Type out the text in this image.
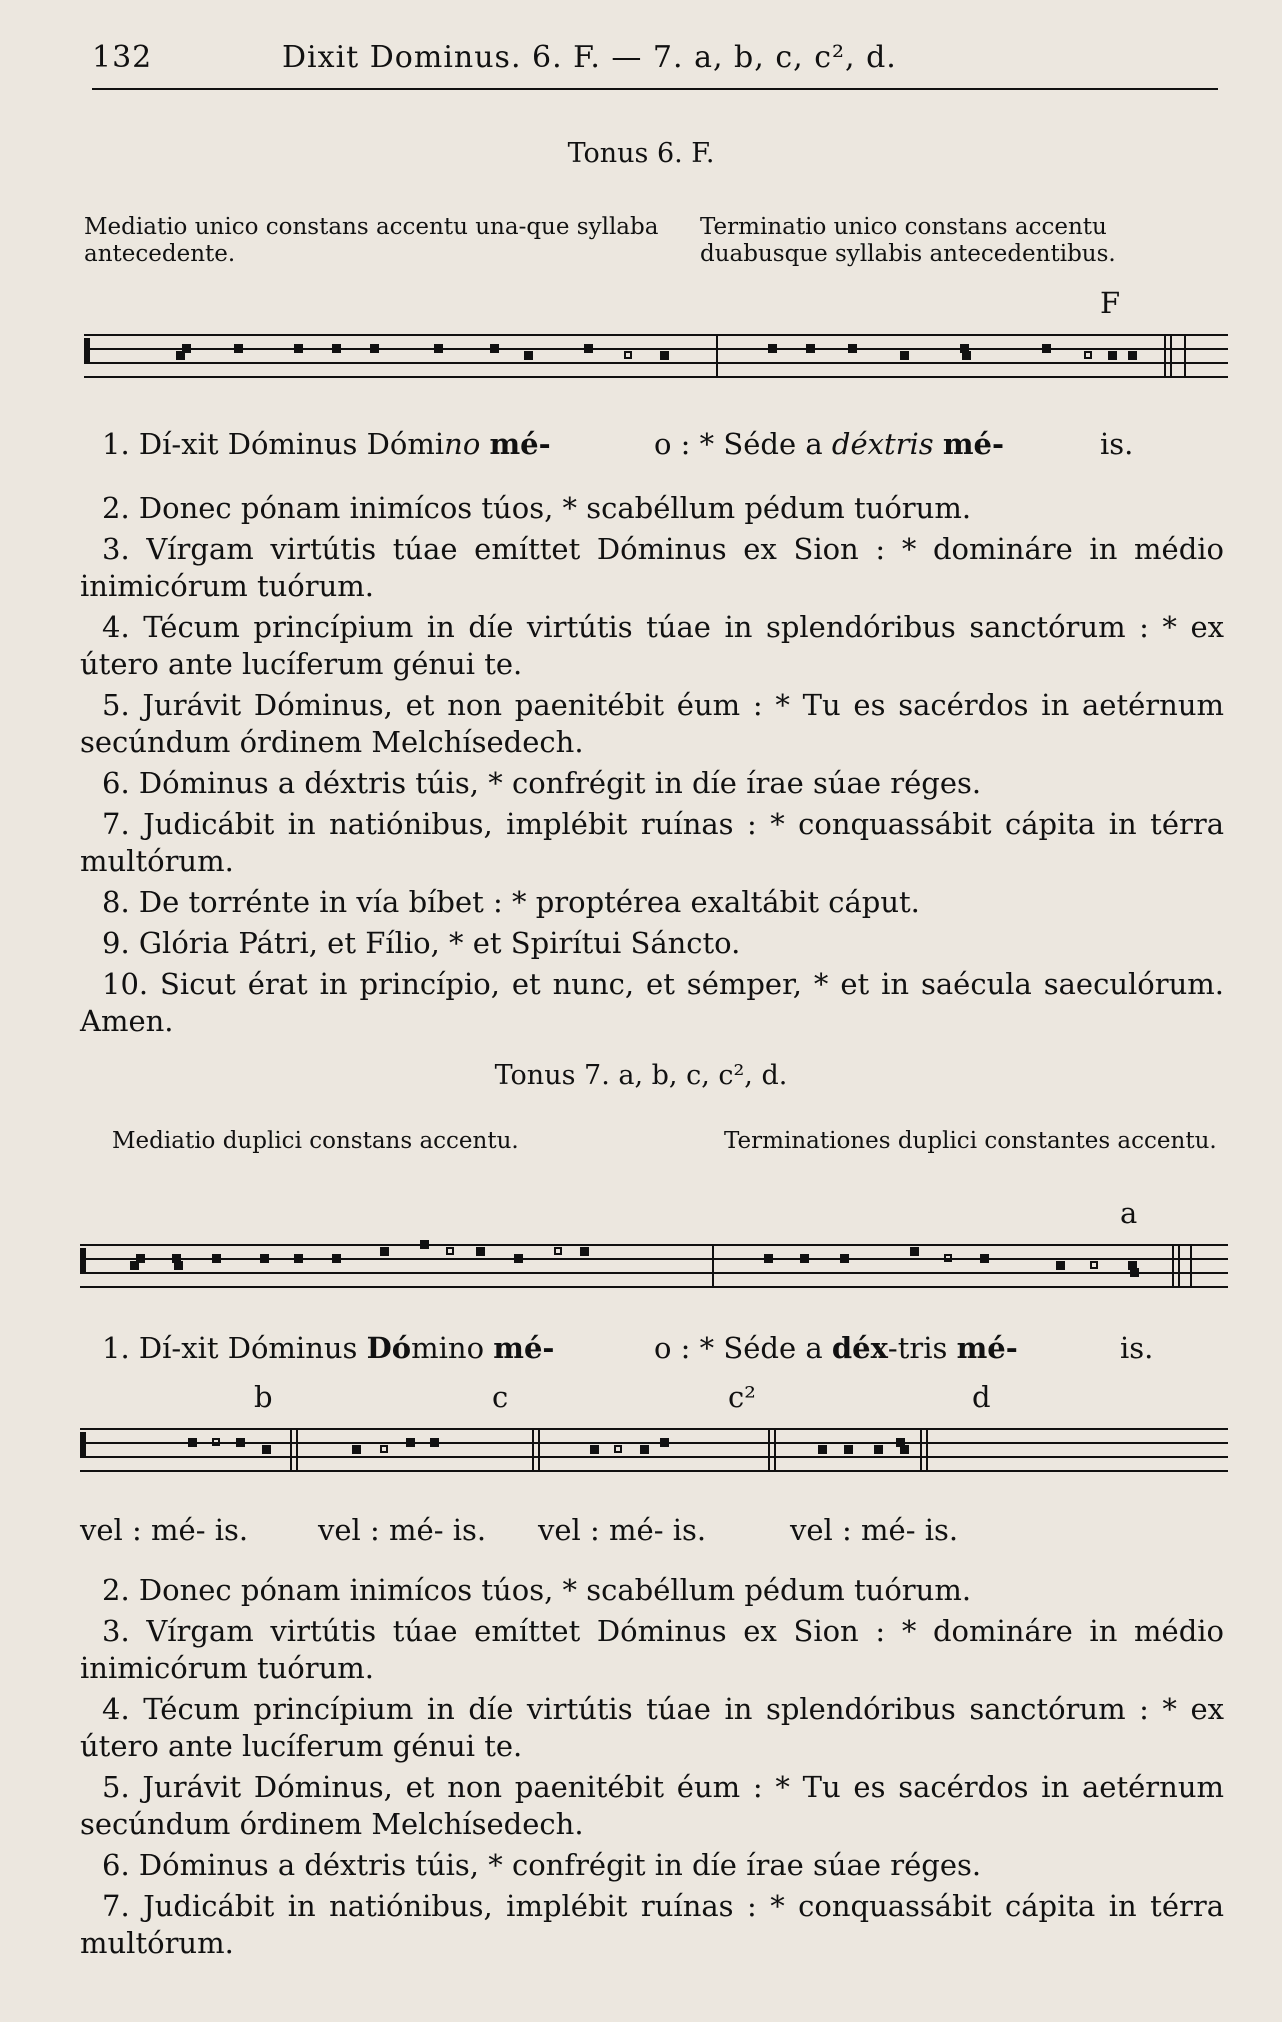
132	Dixit Dominus. 6. F. — 7. a, b, c, c², d.
Tonus 6. F.
Mediatio unico constans accentu una-que syllaba antecedente.
Terminatio unico constans accentu duabusque syllabis antecedentibus.
F
1. Dí-xit Dóminus Dómino mé-	o : * Séde a déxtris mé-	is.
2. Donec pónam inimícos túos, * scabéllum pédum tuórum.
3. Vírgam virtútis túae emíttet Dóminus ex Sion : * domináre in médio inimicórum tuórum.
4. Técum princípium in díe virtútis túae in splendóribus sanctórum : * ex útero ante lucíferum génui te.
5. Jurávit Dóminus, et non paenitébit éum : * Tu es sacérdos in aetérnum secúndum órdinem Melchísedech.
6. Dóminus a déxtris túis, * confrégit in díe írae súae réges.
7. Judicábit in natiónibus, implébit ruínas : * conquassábit cápita in térra multórum.
8. De torrénte in vía bíbet : * proptérea exaltábit cáput.
9. Glória Pátri, et Fílio, * et Spirítui Sáncto.
10. Sicut érat in princípio, et nunc, et sémper, * et in saécula saeculórum. Amen.
Tonus 7. a, b, c, c², d.
Mediatio duplici constans accentu.	Terminationes duplici constantes accentu.
a
1. Dí-xit Dóminus Dómino mé-	o : * Séde a déx-tris mé-	is.
b	c	c²	d
vel : mé- is. vel : mé- is. vel : mé- is.	vel : mé- is.
2. Donec pónam inimícos túos, * scabéllum pédum tuórum.
3. Vírgam virtútis túae emíttet Dóminus ex Sion : * domináre in médio inimicórum tuórum.
4. Técum princípium in díe virtútis túae in splendóribus sanctórum : * ex útero ante lucíferum génui te.
5. Jurávit Dóminus, et non paenitébit éum : * Tu es sacérdos in aetérnum secúndum órdinem Melchísedech.
6. Dóminus a déxtris túis, * confrégit in díe írae súae réges.
7. Judicábit in natiónibus, implébit ruínas : * conquassábit cápita in térra multórum.
